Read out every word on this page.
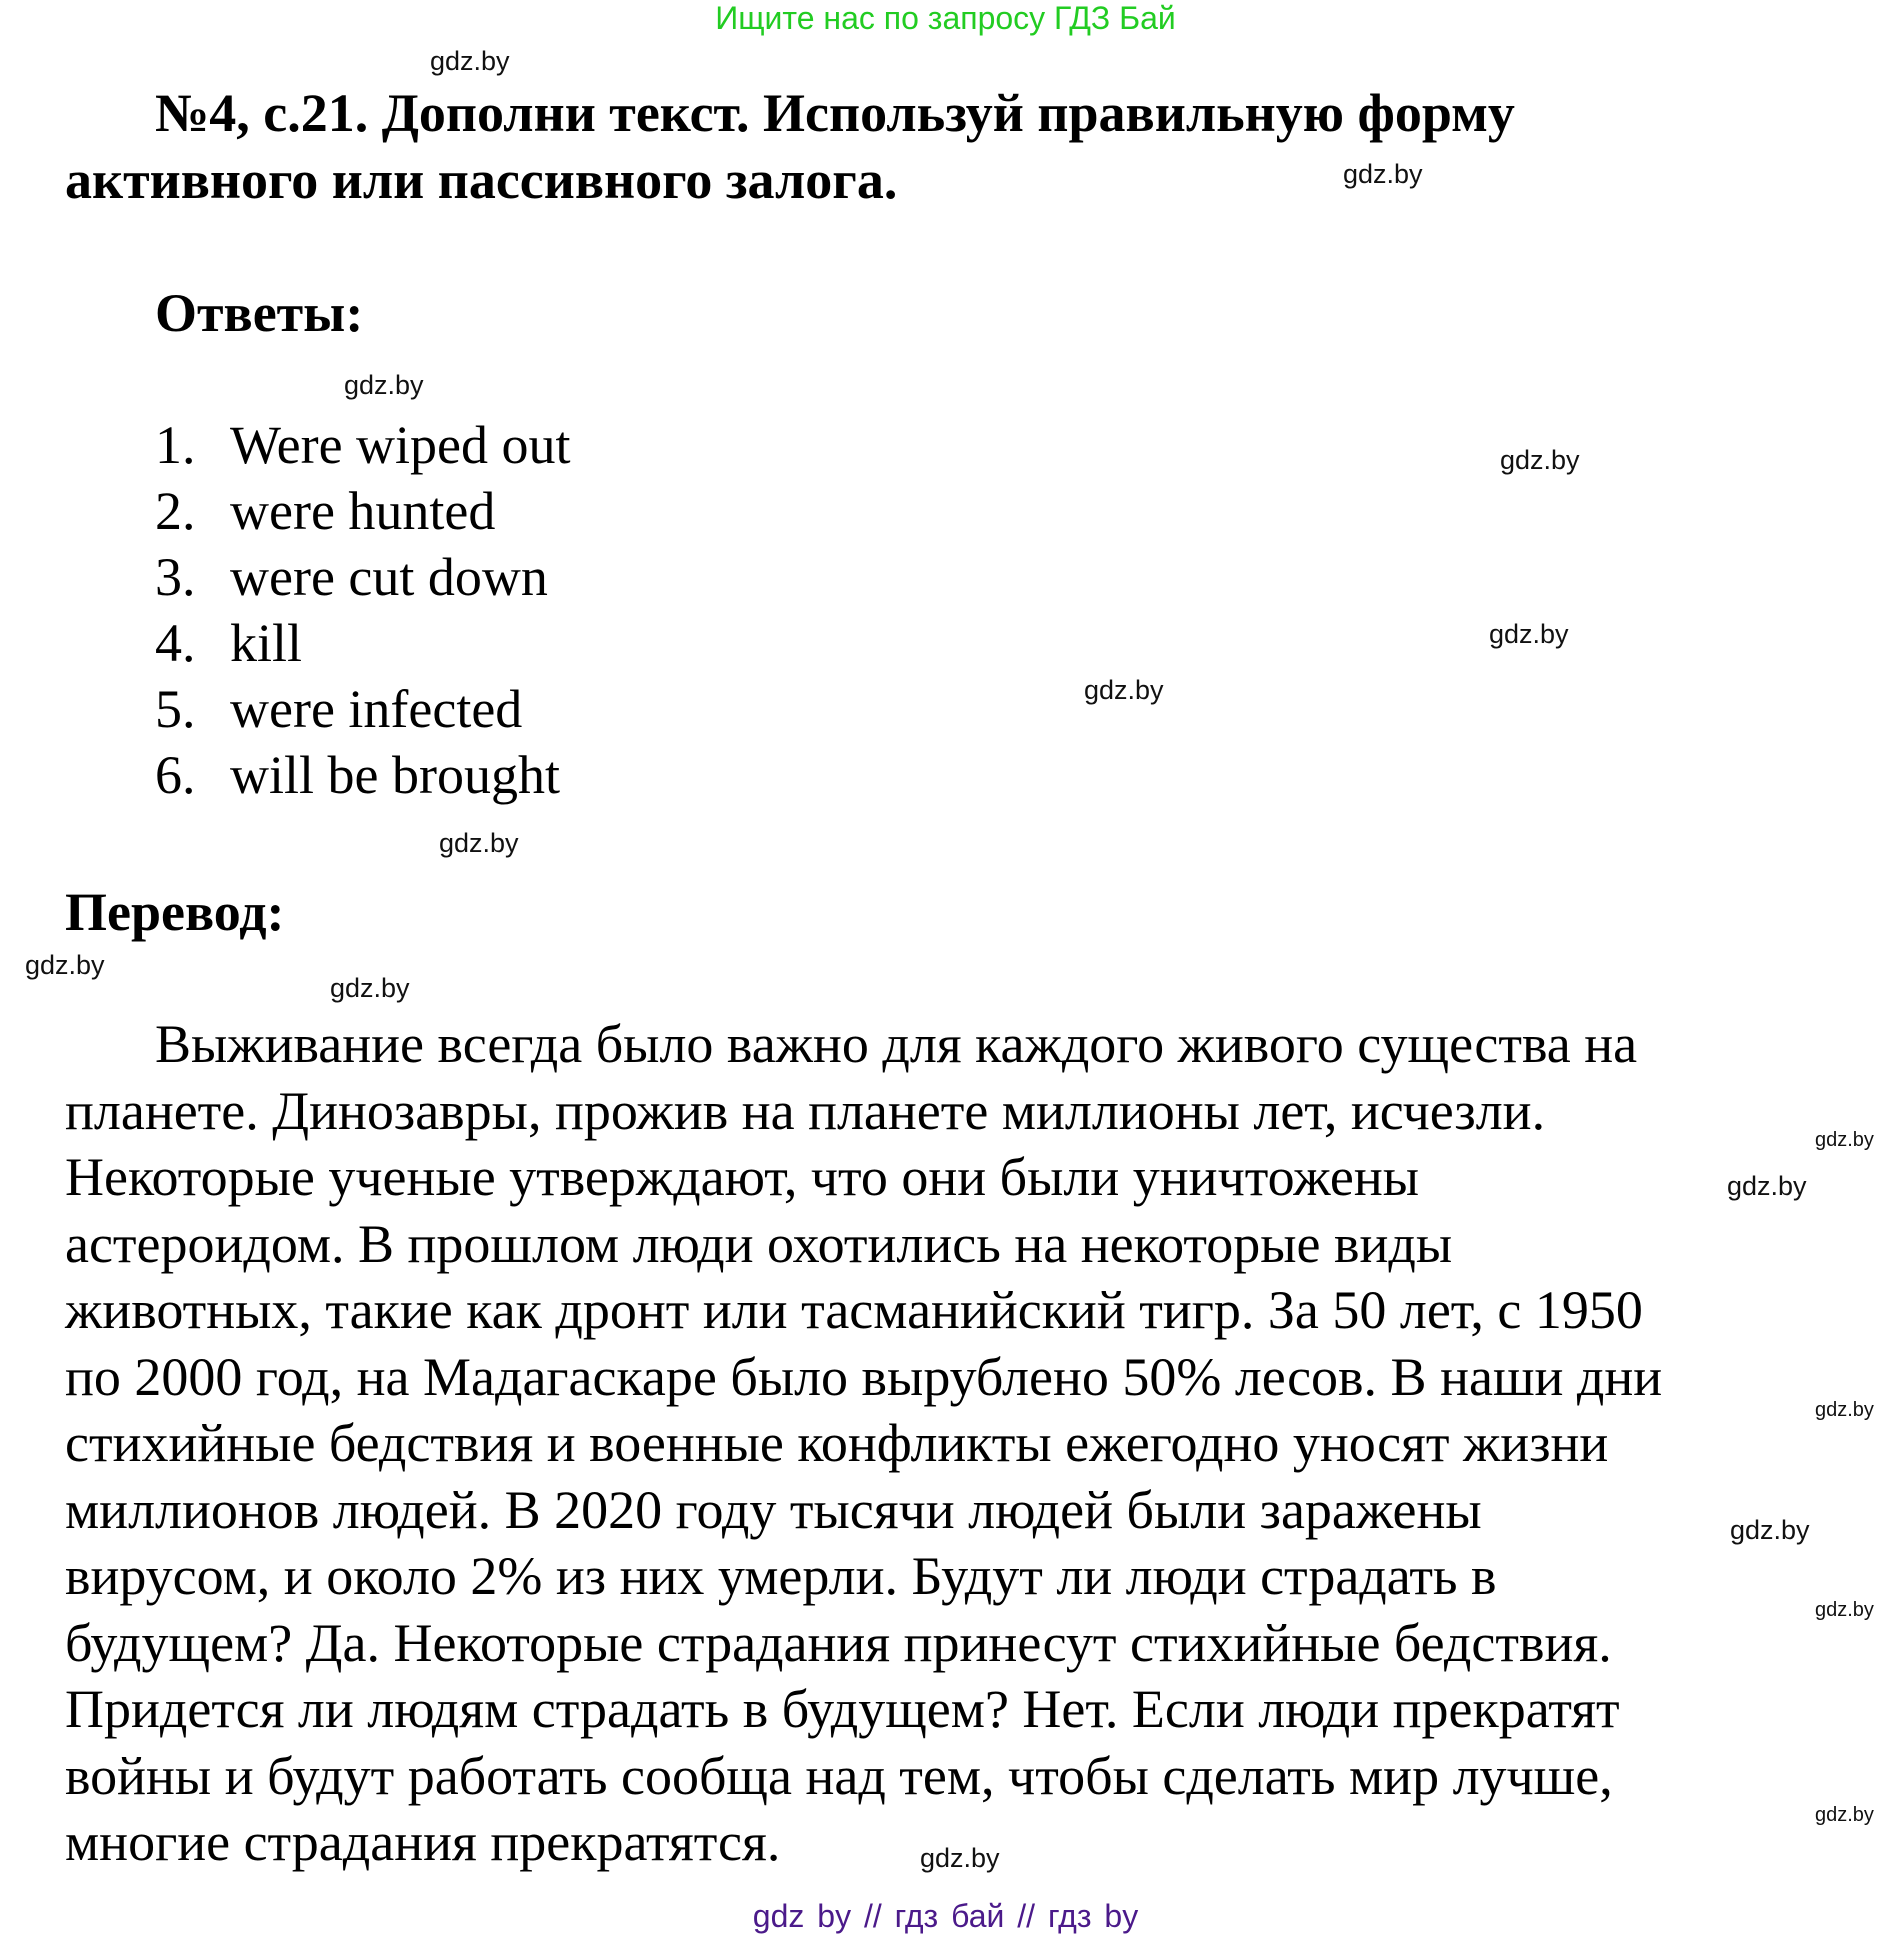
Ищите нас по запросу ГДЗ Бай
№4, с.21. Дополни текст. Используй правильную форму
активного или пассивного залога.
Ответы:
1. Were wiped out
2. were hunted
3. were cut down
4. kill
5. were infected
6. will be brought
Перевод:
Выживание всегда было важно для каждого живого существа на
планете. Динозавры, прожив на планете миллионы лет, исчезли.
Некоторые ученые утверждают, что они были уничтожены
астероидом. В прошлом люди охотились на некоторые виды
животных, такие как дронт или тасманийский тигр. За 50 лет, с 1950
по 2000 год, на Мадагаскаре было вырублено 50% лесов. В наши дни
стихийные бедствия и военные конфликты ежегодно уносят жизни
миллионов людей. В 2020 году тысячи людей были заражены
вирусом, и около 2% из них умерли. Будут ли люди страдать в
будущем? Да. Некоторые страдания принесут стихийные бедствия.
Придется ли людям страдать в будущем? Нет. Если люди прекратят
войны и будут работать сообща над тем, чтобы сделать мир лучше,
многие страдания прекратятся.
gdz.by
gdz.by
gdz.by
gdz.by
gdz.by
gdz.by
gdz.by
gdz.by
gdz.by
gdz.by
gdz.by
gdz.by
gdz.by
gdz.by
gdz.by
gdz.by
gdz by // гдз бай // гдз by
